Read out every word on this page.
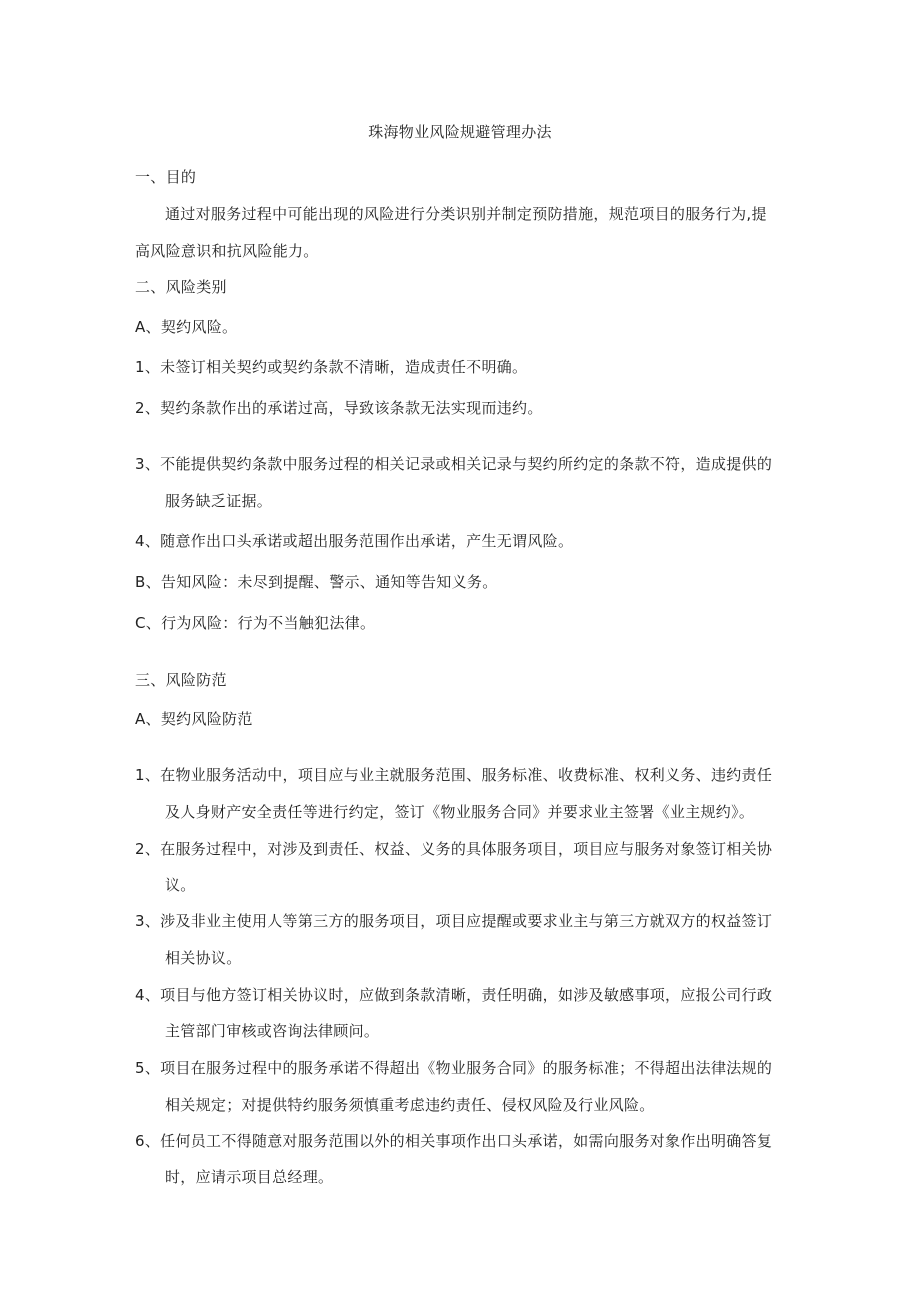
珠海物业风险规避管理办法
一、目的
通过对服务过程中可能出现的风险进行分类识别并制定预防措施，规范项目的服务行为,提
高风险意识和抗风险能力。
二、风险类别
A、契约风险。
1、未签订相关契约或契约条款不清晰，造成责任不明确。
2、契约条款作出的承诺过高，导致该条款无法实现而违约。
3、不能提供契约条款中服务过程的相关记录或相关记录与契约所约定的条款不符，造成提供的
服务缺乏证据。
4、随意作出口头承诺或超出服务范围作出承诺，产生无谓风险。
B、告知风险：未尽到提醒、警示、通知等告知义务。
C、行为风险：行为不当触犯法律。
三、风险防范
A、契约风险防范
1、在物业服务活动中，项目应与业主就服务范围、服务标准、收费标准、权利义务、违约责任
及人身财产安全责任等进行约定，签订《物业服务合同》并要求业主签署《业主规约》。
2、在服务过程中，对涉及到责任、权益、义务的具体服务项目，项目应与服务对象签订相关协
议。
3、涉及非业主使用人等第三方的服务项目，项目应提醒或要求业主与第三方就双方的权益签订
相关协议。
4、项目与他方签订相关协议时，应做到条款清晰，责任明确，如涉及敏感事项，应报公司行政
主管部门审核或咨询法律顾问。
5、项目在服务过程中的服务承诺不得超出《物业服务合同》的服务标准；不得超出法律法规的
相关规定；对提供特约服务须慎重考虑违约责任、侵权风险及行业风险。
6、任何员工不得随意对服务范围以外的相关事项作出口头承诺，如需向服务对象作出明确答复
时，应请示项目总经理。
